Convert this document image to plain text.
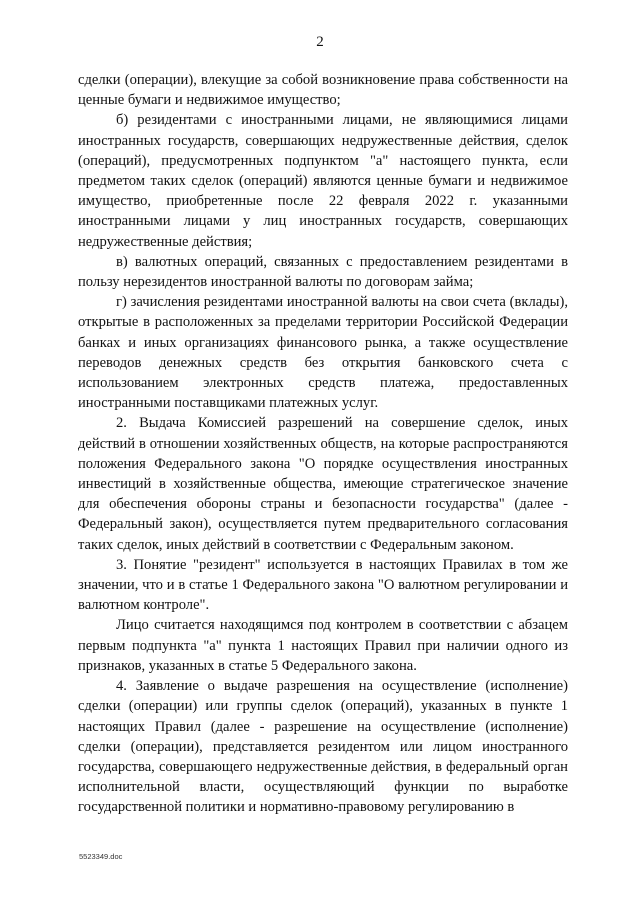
2

сделки (операции), влекущие за собой возникновение права собственности на ценные бумаги и недвижимое имущество;

б) резидентами с иностранными лицами, не являющимися лицами иностранных государств, совершающих недружественные действия, сделок (операций), предусмотренных подпунктом "а" настоящего пункта, если предметом таких сделок (операций) являются ценные бумаги и недвижимое имущество, приобретенные после 22 февраля 2022 г. указанными иностранными лицами у лиц иностранных государств, совершающих недружественные действия;

в) валютных операций, связанных с предоставлением резидентами в пользу нерезидентов иностранной валюты по договорам займа;

г) зачисления резидентами иностранной валюты на свои счета (вклады), открытые в расположенных за пределами территории Российской Федерации банках и иных организациях финансового рынка, а также осуществление переводов денежных средств без открытия банковского счета с использованием электронных средств платежа, предоставленных иностранными поставщиками платежных услуг.

2. Выдача Комиссией разрешений на совершение сделок, иных действий в отношении хозяйственных обществ, на которые распространяются положения Федерального закона "О порядке осуществления иностранных инвестиций в хозяйственные общества, имеющие стратегическое значение для обеспечения обороны страны и безопасности государства" (далее - Федеральный закон), осуществляется путем предварительного согласования таких сделок, иных действий в соответствии с Федеральным законом.

3. Понятие "резидент" используется в настоящих Правилах в том же значении, что и в статье 1 Федерального закона "О валютном регулировании и валютном контроле".

Лицо считается находящимся под контролем в соответствии с абзацем первым подпункта "а" пункта 1 настоящих Правил при наличии одного из признаков, указанных в статье 5 Федерального закона.

4. Заявление о выдаче разрешения на осуществление (исполнение) сделки (операции) или группы сделок (операций), указанных в пункте 1 настоящих Правил (далее - разрешение на осуществление (исполнение) сделки (операции), представляется резидентом или лицом иностранного государства, совершающего недружественные действия, в федеральный орган исполнительной власти, осуществляющий функции по выработке государственной политики и нормативно-правовому регулированию в

5523349.doc
